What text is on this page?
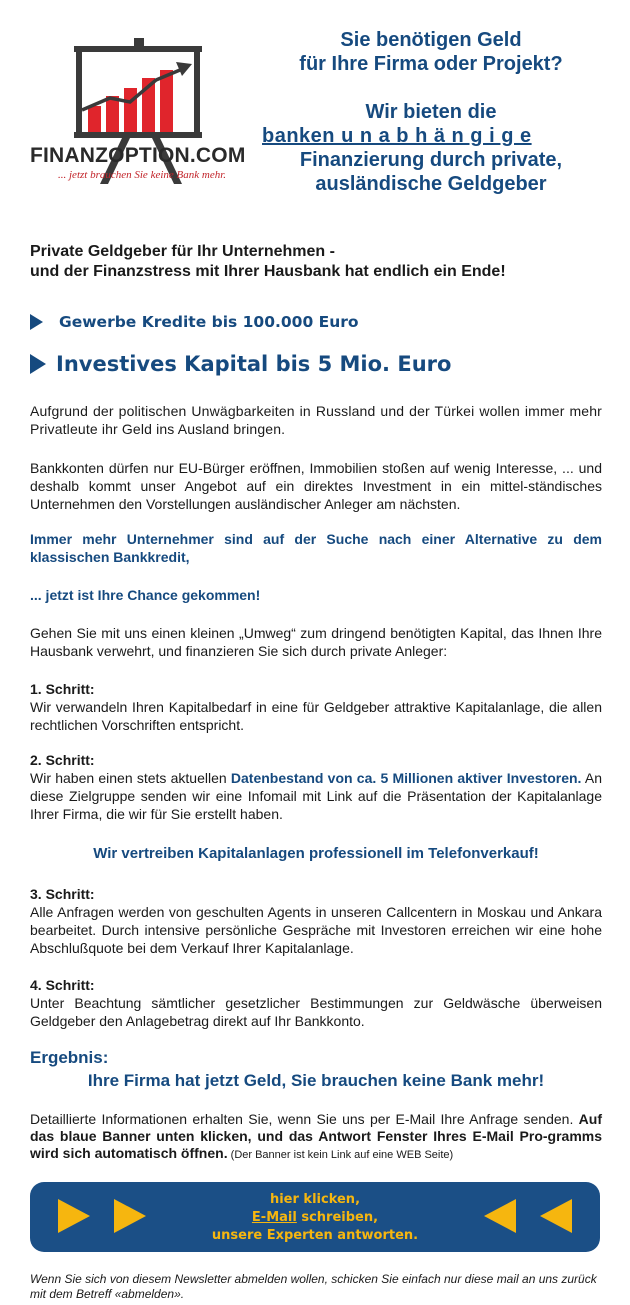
FINANZOPTION.COM
... jetzt brauchen Sie keine Bank mehr.

Sie benötigen Geld

für Ihre Firma oder Projekt?

Wir bieten die

banken u n a b h ä n g i g e

Finanzierung durch private,

ausländische Geldgeber

Private Geldgeber für Ihr Unternehmen -
und der Finanzstress mit Ihrer Hausbank hat endlich ein Ende!
Gewerbe Kredite bis 100.000 Euro
Investives Kapital bis 5 Mio. Euro
Aufgrund der politischen Unwägbarkeiten in Russland und der Türkei wollen immer mehr Privatleute ihr Geld ins Ausland bringen.
Bankkonten dürfen nur EU-Bürger eröffnen, Immobilien stoßen auf wenig Interesse, ... und deshalb kommt unser Angebot auf ein direktes Investment in ein mittel-ständisches Unternehmen den Vorstellungen ausländischer Anleger am nächsten.
Immer mehr Unternehmer sind auf der Suche nach einer Alternative zu dem klassischen Bankkredit,
... jetzt ist Ihre Chance gekommen!
Gehen Sie mit uns einen kleinen „Umweg“ zum dringend benötigten Kapital, das Ihnen Ihre Hausbank verwehrt, und finanzieren Sie sich durch private Anleger:

1. Schritt:

Wir verwandeln Ihren Kapitalbedarf in eine für Geldgeber attraktive Kapitalanlage, die allen rechtlichen Vorschriften entspricht.

2. Schritt:

Wir haben einen stets aktuellen Datenbestand von ca. 5 Millionen aktiver Investoren. An diese Zielgruppe senden wir eine Infomail mit Link auf die Präsentation der Kapitalanlage Ihrer Firma, die wir für Sie erstellt haben.

Wir vertreiben Kapitalanlagen professionell im Telefonverkauf!

3. Schritt:

Alle Anfragen werden von geschulten Agents in unseren Callcentern in Moskau und Ankara bearbeitet. Durch intensive persönliche Gespräche mit Investoren erreichen wir eine hohe Abschlußquote bei dem Verkauf Ihrer Kapitalanlage.

4. Schritt:

Unter Beachtung sämtlicher gesetzlicher Bestimmungen zur Geldwäsche überweisen Geldgeber den Anlagebetrag direkt auf Ihr Bankkonto.

Ergebnis:
Ihre Firma hat jetzt Geld, Sie brauchen keine Bank mehr!
Detaillierte Informationen erhalten Sie, wenn Sie uns per E-Mail Ihre Anfrage senden. Auf das blaue Banner unten klicken, und das Antwort Fenster Ihres E-Mail Pro-gramms wird sich automatisch öffnen. (Der Banner ist kein Link auf eine WEB Seite)
hier klicken,
E-Mail schreiben,
unsere Experten antworten.
Wenn Sie sich von diesem Newsletter abmelden wollen, schicken Sie einfach nur diese mail an uns zurück mit dem Betreff «abmelden».
